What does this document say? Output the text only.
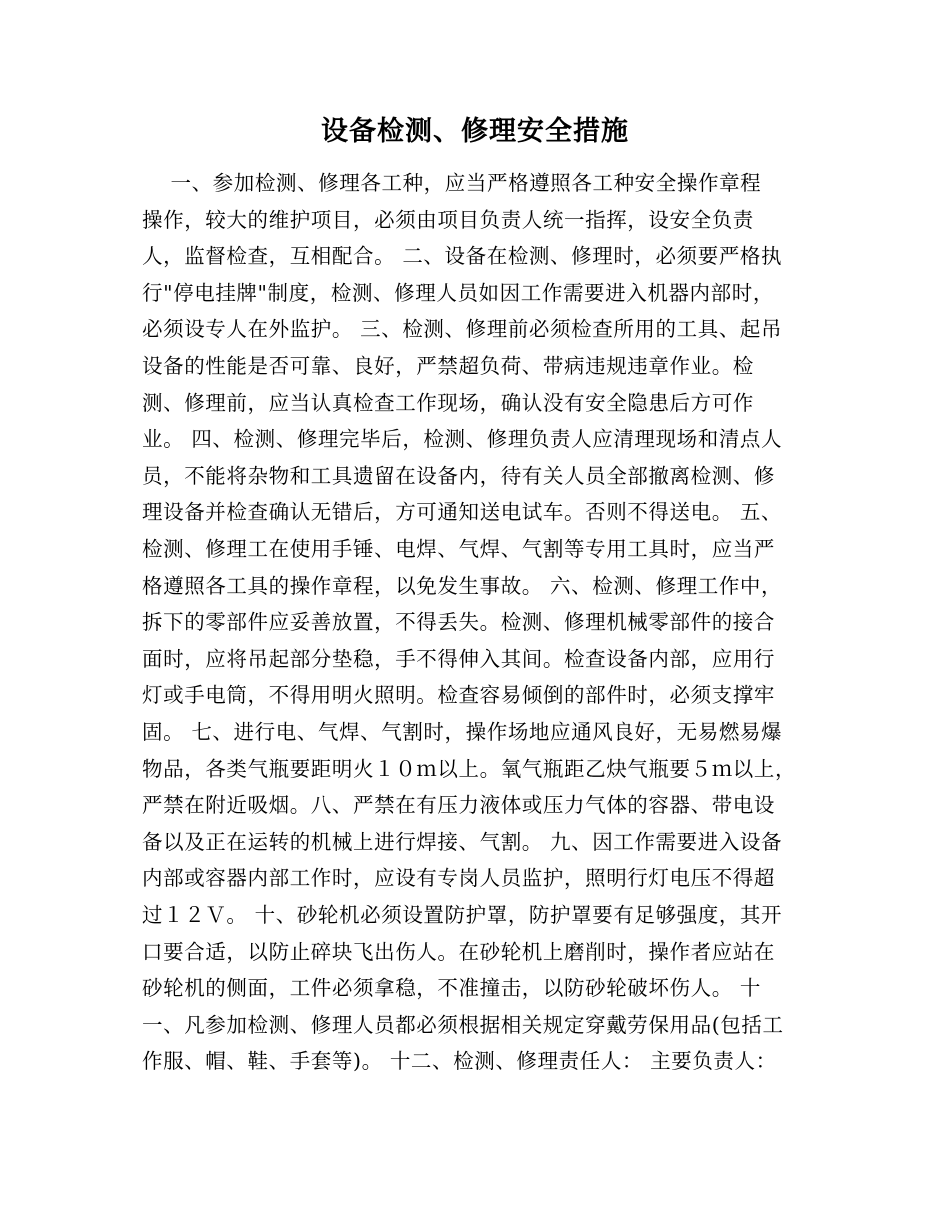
设备检测、修理安全措施
一、参加检测、修理各工种，应当严格遵照各工种安全操作章程
操作，较大的维护项目，必须由项目负责人统一指挥，设安全负责
人，监督检查，互相配合。 二、设备在检测、修理时，必须要严格执
行"停电挂牌"制度，检测、修理人员如因工作需要进入机器内部时，
必须设专人在外监护。 三、检测、修理前必须检查所用的工具、起吊
设备的性能是否可靠、良好，严禁超负荷、带病违规违章作业。检
测、修理前，应当认真检查工作现场，确认没有安全隐患后方可作
业。 四、检测、修理完毕后，检测、修理负责人应清理现场和清点人
员，不能将杂物和工具遗留在设备内，待有关人员全部撤离检测、修
理设备并检查确认无错后，方可通知送电试车。否则不得送电。 五、
检测、修理工在使用手锤、电焊、气焊、气割等专用工具时，应当严
格遵照各工具的操作章程，以免发生事故。 六、检测、修理工作中，
拆下的零部件应妥善放置，不得丢失。检测、修理机械零部件的接合
面时，应将吊起部分垫稳，手不得伸入其间。检查设备内部，应用行
灯或手电筒，不得用明火照明。检查容易倾倒的部件时，必须支撑牢
固。 七、进行电、气焊、气割时，操作场地应通风良好，无易燃易爆
物品，各类气瓶要距明火１０ｍ以上。氧气瓶距乙炔气瓶要５ｍ以上，
严禁在附近吸烟。八、严禁在有压力液体或压力气体的容器、带电设
备以及正在运转的机械上进行焊接、气割。 九、因工作需要进入设备
内部或容器内部工作时，应设有专岗人员监护，照明行灯电压不得超
过１２Ｖ。 十、砂轮机必须设置防护罩，防护罩要有足够强度，其开
口要合适，以防止碎块飞出伤人。在砂轮机上磨削时，操作者应站在
砂轮机的侧面，工件必须拿稳，不准撞击，以防砂轮破坏伤人。 十
一、凡参加检测、修理人员都必须根据相关规定穿戴劳保用品(包括工
作服、帽、鞋、手套等)。 十二、检测、修理责任人： 主要负责人：
